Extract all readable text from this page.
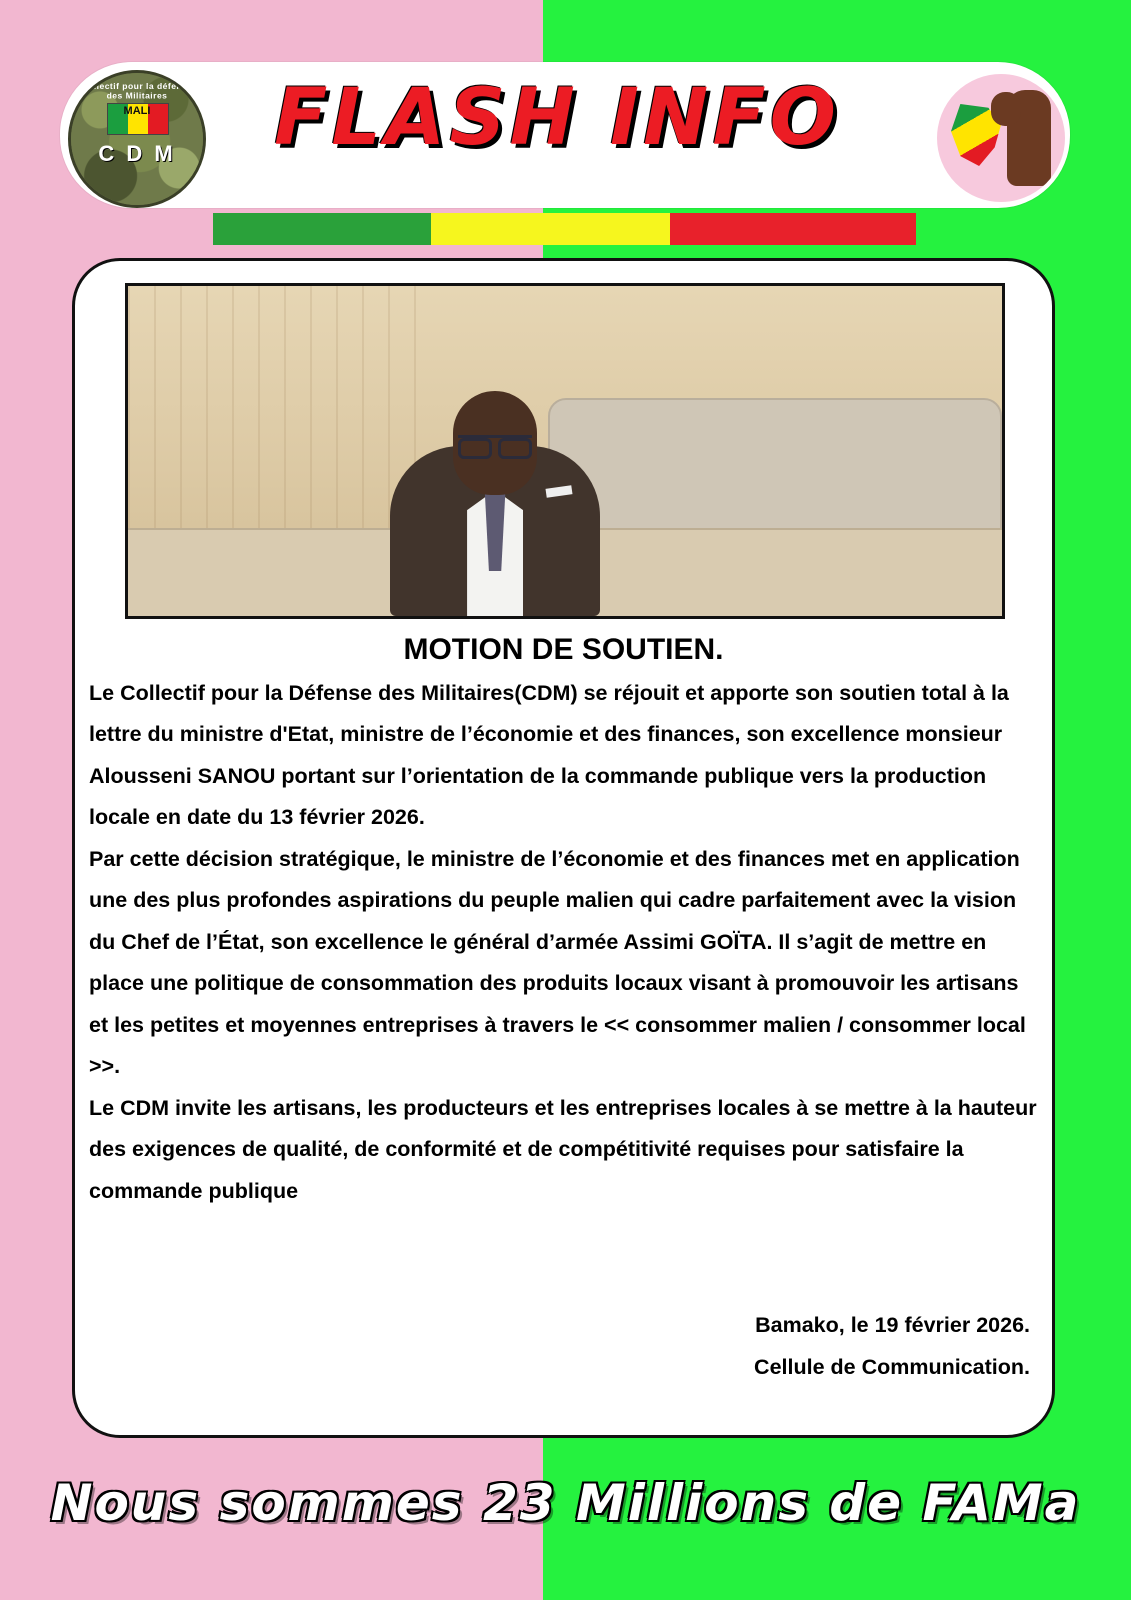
Collectif pour la défense des Militaires
MALI
C D M	FLASH INFO
MOTION DE SOUTIEN.

Le Collectif pour la Défense des Militaires(CDM) se réjouit et apporte son soutien total à la lettre du ministre d'Etat, ministre de l’économie et des finances, son excellence monsieur Alousseni SANOU portant sur l’orientation de la commande publique vers la production locale en date du 13 février 2026.

Par cette décision stratégique, le ministre de l’économie et des finances met en application une des plus profondes aspirations du peuple malien qui cadre parfaitement avec la vision du Chef de l’État, son excellence le général d’armée Assimi GOÏTA. Il s’agit de mettre en place une politique de consommation des produits locaux visant à promouvoir les artisans et les petites et moyennes entreprises à travers le << consommer malien / consommer local >>.

Le CDM invite les artisans, les producteurs et les entreprises locales à se mettre à la hauteur des exigences de qualité, de conformité et de compétitivité requises pour satisfaire la commande publique

Bamako, le 19 février 2026.
Cellule de Communication.
Nous sommes 23 Millions de FAMa
